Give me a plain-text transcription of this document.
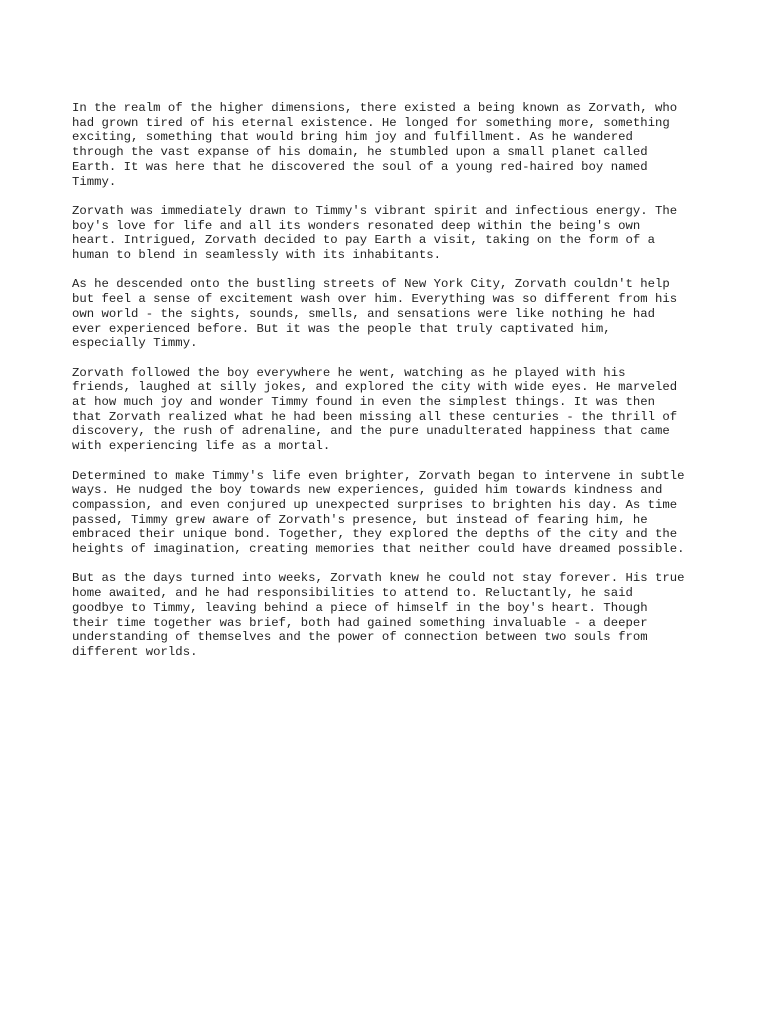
In the realm of the higher dimensions, there existed a being known as Zorvath, who
had grown tired of his eternal existence. He longed for something more, something
exciting, something that would bring him joy and fulfillment. As he wandered
through the vast expanse of his domain, he stumbled upon a small planet called
Earth. It was here that he discovered the soul of a young red-haired boy named
Timmy.

Zorvath was immediately drawn to Timmy's vibrant spirit and infectious energy. The
boy's love for life and all its wonders resonated deep within the being's own
heart. Intrigued, Zorvath decided to pay Earth a visit, taking on the form of a
human to blend in seamlessly with its inhabitants.

As he descended onto the bustling streets of New York City, Zorvath couldn't help
but feel a sense of excitement wash over him. Everything was so different from his
own world - the sights, sounds, smells, and sensations were like nothing he had
ever experienced before. But it was the people that truly captivated him,
especially Timmy.

Zorvath followed the boy everywhere he went, watching as he played with his
friends, laughed at silly jokes, and explored the city with wide eyes. He marveled
at how much joy and wonder Timmy found in even the simplest things. It was then
that Zorvath realized what he had been missing all these centuries - the thrill of
discovery, the rush of adrenaline, and the pure unadulterated happiness that came
with experiencing life as a mortal.

Determined to make Timmy's life even brighter, Zorvath began to intervene in subtle
ways. He nudged the boy towards new experiences, guided him towards kindness and
compassion, and even conjured up unexpected surprises to brighten his day. As time
passed, Timmy grew aware of Zorvath's presence, but instead of fearing him, he
embraced their unique bond. Together, they explored the depths of the city and the
heights of imagination, creating memories that neither could have dreamed possible.

But as the days turned into weeks, Zorvath knew he could not stay forever. His true
home awaited, and he had responsibilities to attend to. Reluctantly, he said
goodbye to Timmy, leaving behind a piece of himself in the boy's heart. Though
their time together was brief, both had gained something invaluable - a deeper
understanding of themselves and the power of connection between two souls from
different worlds.
